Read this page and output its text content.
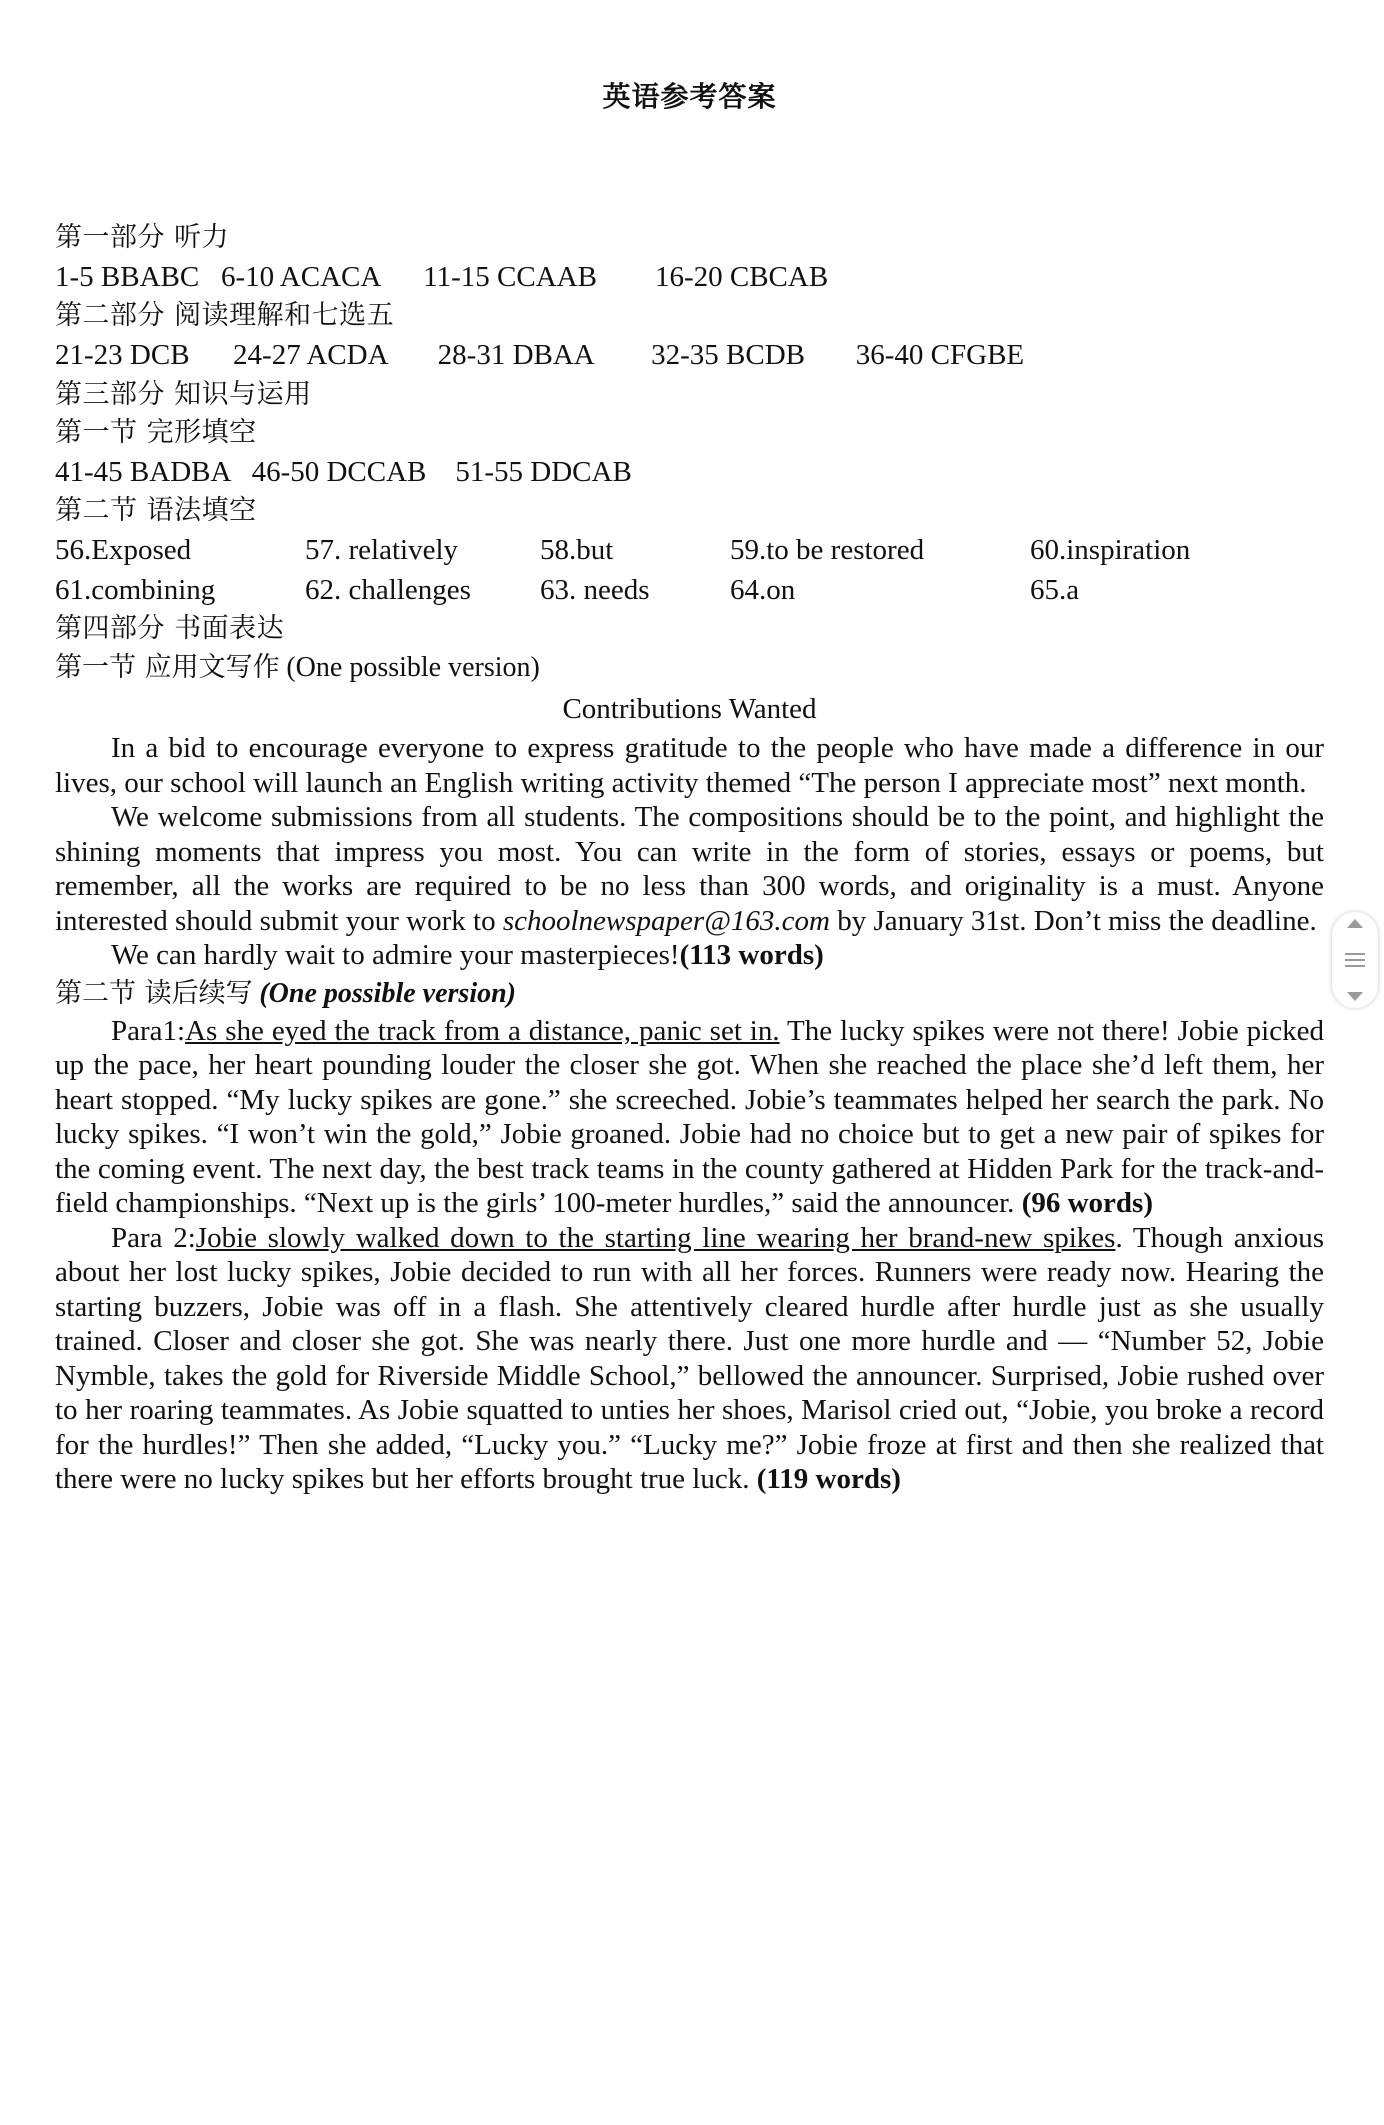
英语参考答案
第一部分 听力
1-5 BBABC   6-10 ACACA      11-15 CCAAB        16-20 CBCAB
第二部分 阅读理解和七选五
21-23 DCB      24-27 ACDA       28-31 DBAA        32-35 BCDB       36-40 CFGBE
第三部分 知识与运用
第一节 完形填空
41-45 BADBA   46-50 DCCAB    51-55 DDCAB
第二节 语法填空
56.Exposed	57. relatively	58.but	59.to be restored	60.inspiration
61.combining	62. challenges	63. needs	64.on	65.a
第四部分 书面表达
第一节 应用文写作 (One possible version)
Contributions Wanted

In a bid to encourage everyone to express gratitude to the people who have made a difference in our lives, our school will launch an English writing activity themed “The person I appreciate most” next month.

We welcome submissions from all students. The compositions should be to the point, and highlight the shining moments that impress you most. You can write in the form of stories, essays or poems, but remember, all the works are required to be no less than 300 words, and originality is a must. Anyone interested should submit your work to schoolnewspaper@163.com by January 31st. Don’t miss the deadline.

We can hardly wait to admire your masterpieces!(113 words)

第二节 读后续写 (One possible version)

Para1:As she eyed the track from a distance, panic set in. The lucky spikes were not there! Jobie picked up the pace, her heart pounding louder the closer she got. When she reached the place she’d left them, her heart stopped. “My lucky spikes are gone.” she screeched. Jobie’s teammates helped her search the park. No lucky spikes. “I won’t win the gold,” Jobie groaned. Jobie had no choice but to get a new pair of spikes for the coming event. The next day, the best track teams in the county gathered at Hidden Park for the track-and-field championships. “Next up is the girls’ 100-meter hurdles,” said the announcer. (96 words)

Para 2:Jobie slowly walked down to the starting line wearing her brand-new spikes. Though anxious about her lost lucky spikes, Jobie decided to run with all her forces. Runners were ready now. Hearing the starting buzzers, Jobie was off in a flash. She attentively cleared hurdle after hurdle just as she usually trained. Closer and closer she got. She was nearly there. Just one more hurdle and — “Number 52, Jobie Nymble, takes the gold for Riverside Middle School,” bellowed the announcer. Surprised, Jobie rushed over to her roaring teammates. As Jobie squatted to unties her shoes, Marisol cried out, “Jobie, you broke a record for the hurdles!” Then she added, “Lucky you.” “Lucky me?” Jobie froze at first and then she realized that there were no lucky spikes but her efforts brought true luck. (119 words)
